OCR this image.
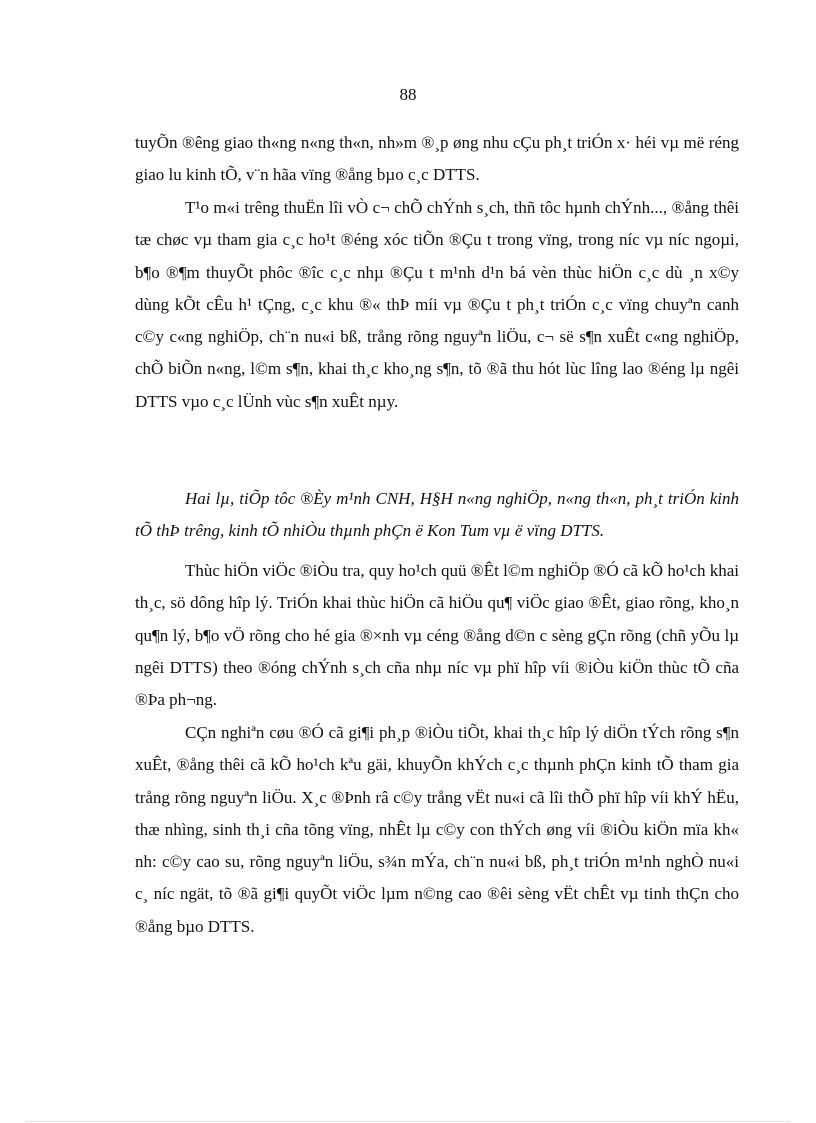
88

tuyÕn ®êng giao th«ng n«ng th«n, nh»m ®¸p øng nhu cÇu ph¸t triÓn x· héi vµ më réng giao lu kinh tÕ, v¨n hãa vïng ®ång bµo c¸c DTTS.

T¹o m«i trêng thuËn lîi vÒ c¬ chÕ chÝnh s¸ch, thñ tôc hµnh chÝnh..., ®ång thêi tæ chøc vµ tham gia c¸c ho¹t ®éng xóc tiÕn ®Çu t trong vïng, trong níc vµ níc ngoµi, b¶o ®¶m thuyÕt phôc ®îc c¸c nhµ ®Çu t m¹nh d¹n bá vèn thùc hiÖn c¸c dù ¸n x©y dùng kÕt cÊu h¹ tÇng, c¸c khu ®« thÞ míi vµ ®Çu t ph¸t triÓn c¸c vïng chuyªn canh c©y c«ng nghiÖp, ch¨n nu«i bß, trång rõng nguyªn liÖu, c¬ së s¶n xuÊt c«ng nghiÖp, chÕ biÕn n«ng, l©m s¶n, khai th¸c kho¸ng s¶n, tõ ®ã thu hót lùc lîng lao ®éng lµ ngêi DTTS vµo c¸c lÜnh vùc s¶n xuÊt nµy.

Hai lµ, tiÕp tôc ®Èy m¹nh CNH, H§H n«ng nghiÖp, n«ng th«n, ph¸t triÓn kinh tÕ thÞ trêng, kinh tÕ nhiÒu thµnh phÇn ë Kon Tum vµ ë vïng DTTS.

Thùc hiÖn viÖc ®iÒu tra, quy ho¹ch quü ®Êt l©m nghiÖp ®Ó cã kÕ ho¹ch khai th¸c, sö dông hîp lý. TriÓn khai thùc hiÖn cã hiÖu qu¶ viÖc giao ®Êt, giao rõng, kho¸n qu¶n lý, b¶o vÖ rõng cho hé gia ®×nh vµ céng ®ång d©n c sèng gÇn rõng (chñ yÕu lµ ngêi DTTS) theo ®óng chÝnh s¸ch cña nhµ níc vµ phï hîp víi ®iÒu kiÖn thùc tÕ cña ®Þa ph¬ng.

CÇn nghiªn cøu ®Ó cã gi¶i ph¸p ®iÒu tiÕt, khai th¸c hîp lý diÖn tÝch rõng s¶n xuÊt, ®ång thêi cã kÕ ho¹ch kªu gäi, khuyÕn khÝch c¸c thµnh phÇn kinh tÕ tham gia trång rõng nguyªn liÖu. X¸c ®Þnh râ c©y trång vËt nu«i cã lîi thÕ phï hîp víi khÝ hËu, thæ nhìng, sinh th¸i cña tõng vïng, nhÊt lµ c©y con thÝch øng víi ®iÒu kiÖn mïa kh« nh: c©y cao su, rõng nguyªn liÖu, s¾n mÝa, ch¨n nu«i bß, ph¸t triÓn m¹nh nghÒ nu«i c¸ níc ngät, tõ ®ã gi¶i quyÕt viÖc lµm n©ng cao ®êi sèng vËt chÊt vµ tinh thÇn cho ®ång bµo DTTS.
